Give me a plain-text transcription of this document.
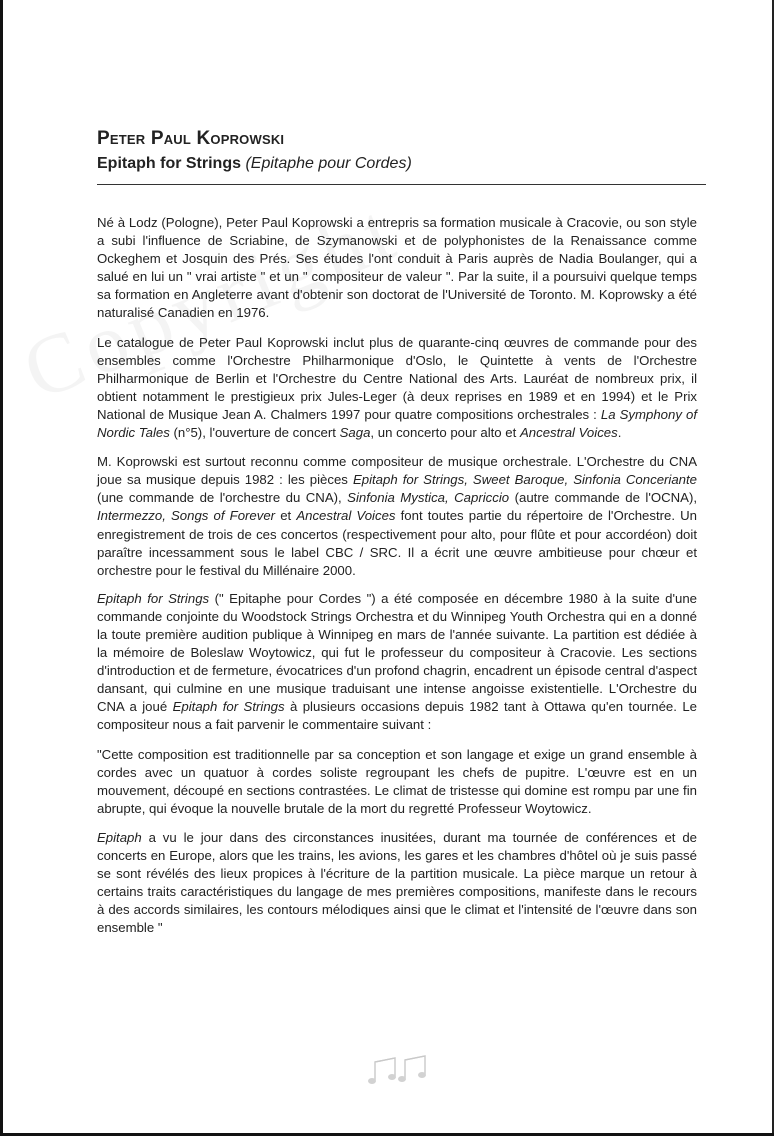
Peter Paul Koprowski
Epitaph for Strings (Epitaphe pour Cordes)

Né à Lodz (Pologne), Peter Paul Koprowski a entrepris sa formation musicale à Cracovie, ou son style a subi l'influence de Scriabine, de Szymanowski et de polyphonistes de la Renaissance comme Ockeghem et Josquin des Prés. Ses études l'ont conduit à Paris auprès de Nadia Boulanger, qui a salué en lui un " vrai artiste " et un " compositeur de valeur ". Par la suite, il a poursuivi quelque temps sa formation en Angleterre avant d'obtenir son doctorat de l'Université de Toronto. M. Koprowsky a été naturalisé Canadien en 1976.

Le catalogue de Peter Paul Koprowski inclut plus de quarante-cinq œuvres de commande pour des ensembles comme l'Orchestre Philharmonique d'Oslo, le Quintette à vents de l'Orchestre Philharmonique de Berlin et l'Orchestre du Centre National des Arts. Lauréat de nombreux prix, il obtient notamment le prestigieux prix Jules-Leger (à deux reprises en 1989 et en 1994) et le Prix National de Musique Jean A. Chalmers 1997 pour quatre compositions orchestrales : La Symphony of Nordic Tales (n°5), l'ouverture de concert Saga, un concerto pour alto et Ancestral Voices.

M. Koprowski est surtout reconnu comme compositeur de musique orchestrale. L'Orchestre du CNA joue sa musique depuis 1982 : les pièces Epitaph for Strings, Sweet Baroque, Sinfonia Conceriante (une commande de l'orchestre du CNA), Sinfonia Mystica, Capriccio (autre commande de l'OCNA), Intermezzo, Songs of Forever et Ancestral Voices font toutes partie du répertoire de l'Orchestre. Un enregistrement de trois de ces concertos (respectivement pour alto, pour flûte et pour accordéon) doit paraître incessamment sous le label CBC / SRC. Il a écrit une œuvre ambitieuse pour chœur et orchestre pour le festival du Millénaire 2000.

Epitaph for Strings (" Epitaphe pour Cordes ") a été composée en décembre 1980 à la suite d'une commande conjointe du Woodstock Strings Orchestra et du Winnipeg Youth Orchestra qui en a donné la toute première audition publique à Winnipeg en mars de l'année suivante. La partition est dédiée à la mémoire de Boleslaw Woytowicz, qui fut le professeur du compositeur à Cracovie. Les sections d'introduction et de fermeture, évocatrices d'un profond chagrin, encadrent un épisode central d'aspect dansant, qui culmine en une musique traduisant une intense angoisse existentielle. L'Orchestre du CNA a joué Epitaph for Strings à plusieurs occasions depuis 1982 tant à Ottawa qu'en tournée. Le compositeur nous a fait parvenir le commentaire suivant :

"Cette composition est traditionnelle par sa conception et son langage et exige un grand ensemble à cordes avec un quatuor à cordes soliste regroupant les chefs de pupitre. L'œuvre est en un mouvement, découpé en sections contrastées. Le climat de tristesse qui domine est rompu par une fin abrupte, qui évoque la nouvelle brutale de la mort du regretté Professeur Woytowicz.

Epitaph a vu le jour dans des circonstances inusitées, durant ma tournée de conférences et de concerts en Europe, alors que les trains, les avions, les gares et les chambres d'hôtel où je suis passé se sont révélés des lieux propices à l'écriture de la partition musicale. La pièce marque un retour à certains traits caractéristiques du langage de mes premières compositions, manifeste dans le recours à des accords similaires, les contours mélodiques ainsi que le climat et l'intensité de l'œuvre dans son ensemble "
